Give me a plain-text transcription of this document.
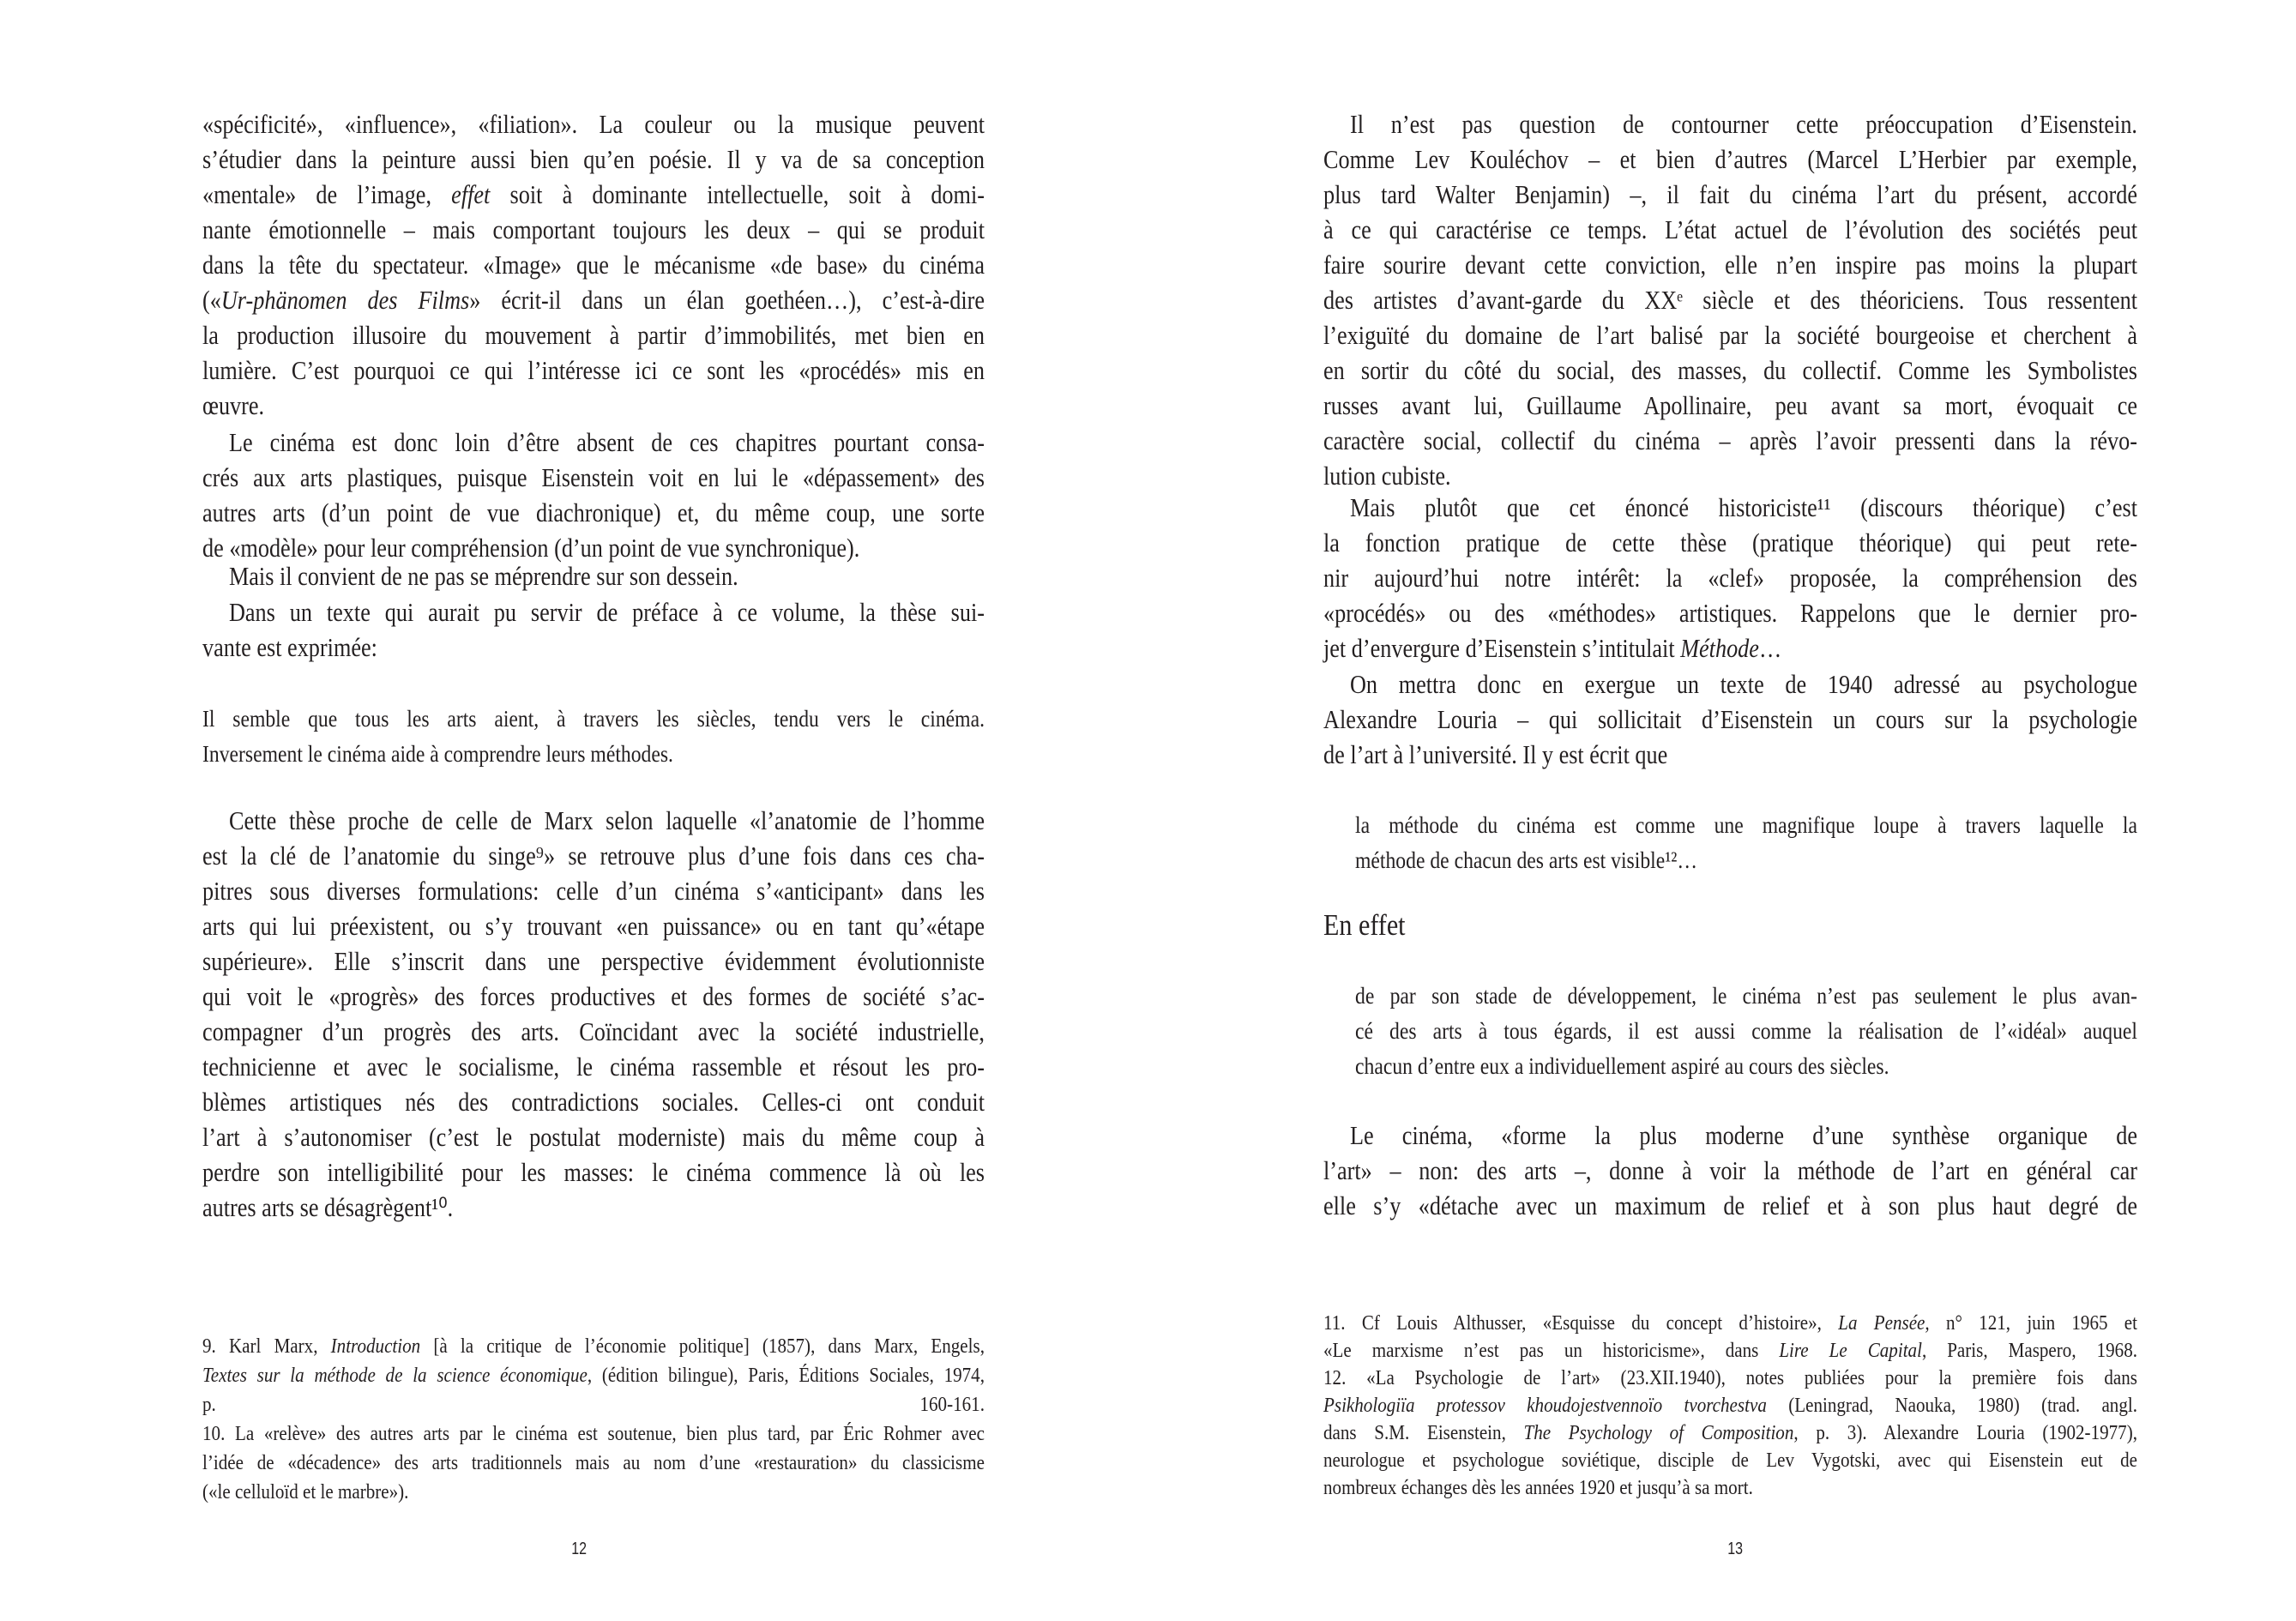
12
«spécificité», «influence», «filiation». La couleur ou la musique peuvent
s’étudier dans la peinture aussi bien qu’en poésie. Il y va de sa conception
«mentale» de l’image, effet soit à dominante intellectuelle, soit à domi-
nante émotionnelle – mais comportant toujours les deux – qui se produit
dans la tête du spectateur. «Image» que le mécanisme «de base» du cinéma
(«Ur-phänomen des Films» écrit-il dans un élan goethéen…), c’est-à-dire
la production illusoire du mouvement à partir d’immobilités, met bien en
lumière. C’est pourquoi ce qui l’intéresse ici ce sont les «procédés» mis en
œuvre.
Le cinéma est donc loin d’être absent de ces chapitres pourtant consa-
crés aux arts plastiques, puisque Eisenstein voit en lui le «dépassement» des
autres arts (d’un point de vue diachronique) et, du même coup, une sorte
de «modèle» pour leur compréhension (d’un point de vue synchronique).
Mais il convient de ne pas se méprendre sur son dessein.
Dans un texte qui aurait pu servir de préface à ce volume, la thèse sui-
vante est exprimée:
Il semble que tous les arts aient, à travers les siècles, tendu vers le cinéma.
Inversement le cinéma aide à comprendre leurs méthodes.
Cette thèse proche de celle de Marx selon laquelle «l’anatomie de l’homme
est la clé de l’anatomie du singe⁹» se retrouve plus d’une fois dans ces cha-
pitres sous diverses formulations: celle d’un cinéma s’«anticipant» dans les
arts qui lui préexistent, ou s’y trouvant «en puissance» ou en tant qu’«étape
supérieure». Elle s’inscrit dans une perspective évidemment évolutionniste
qui voit le «progrès» des forces productives et des formes de société s’ac-
compagner d’un progrès des arts. Coïncidant avec la société industrielle,
technicienne et avec le socialisme, le cinéma rassemble et résout les pro-
blèmes artistiques nés des contradictions sociales. Celles-ci ont conduit
l’art à s’autonomiser (c’est le postulat moderniste) mais du même coup à
perdre son intelligibilité pour les masses: le cinéma commence là où les
autres arts se désagrègent¹⁰.
9. Karl Marx, Introduction [à la critique de l’économie politique] (1857), dans Marx, Engels,
Textes sur la méthode de la science économique, (édition bilingue), Paris, Éditions Sociales, 1974,
p. 160-161.
10. La «relève» des autres arts par le cinéma est soutenue, bien plus tard, par Éric Rohmer avec
l’idée de «décadence» des arts traditionnels mais au nom d’une «restauration» du classicisme
(«le celluloïd et le marbre»).
13
Il n’est pas question de contourner cette préoccupation d’Eisenstein.
Comme Lev Kouléchov – et bien d’autres (Marcel L’Herbier par exemple,
plus tard Walter Benjamin) –, il fait du cinéma l’art du présent, accordé
à ce qui caractérise ce temps. L’état actuel de l’évolution des sociétés peut
faire sourire devant cette conviction, elle n’en inspire pas moins la plupart
des artistes d’avant-garde du XXᵉ siècle et des théoriciens. Tous ressentent
l’exiguïté du domaine de l’art balisé par la société bourgeoise et cherchent à
en sortir du côté du social, des masses, du collectif. Comme les Symbolistes
russes avant lui, Guillaume Apollinaire, peu avant sa mort, évoquait ce
caractère social, collectif du cinéma – après l’avoir pressenti dans la révo-
lution cubiste.
Mais plutôt que cet énoncé historiciste¹¹ (discours théorique) c’est
la fonction pratique de cette thèse (pratique théorique) qui peut rete-
nir aujourd’hui notre intérêt: la «clef» proposée, la compréhension des
«procédés» ou des «méthodes» artistiques. Rappelons que le dernier pro-
jet d’envergure d’Eisenstein s’intitulait Méthode…
On mettra donc en exergue un texte de 1940 adressé au psychologue
Alexandre Louria – qui sollicitait d’Eisenstein un cours sur la psychologie
de l’art à l’université. Il y est écrit que
la méthode du cinéma est comme une magnifique loupe à travers laquelle la
méthode de chacun des arts est visible¹²…
En effet
de par son stade de développement, le cinéma n’est pas seulement le plus avan-
cé des arts à tous égards, il est aussi comme la réalisation de l’«idéal» auquel
chacun d’entre eux a individuellement aspiré au cours des siècles.
Le cinéma, «forme la plus moderne d’une synthèse organique de
l’art» – non: des arts –, donne à voir la méthode de l’art en général car
elle s’y «détache avec un maximum de relief et à son plus haut degré de
11. Cf Louis Althusser, «Esquisse du concept d’histoire», La Pensée, n° 121, juin 1965 et
«Le marxisme n’est pas un historicisme», dans Lire Le Capital, Paris, Maspero, 1968.
12. «La Psychologie de l’art» (23.XII.1940), notes publiées pour la première fois dans
Psikhologiïa protessov khoudojestvennoïo tvorchestva (Leningrad, Naouka, 1980) (trad. angl.
dans S.M. Eisenstein, The Psychology of Composition, p. 3). Alexandre Louria (1902-1977),
neurologue et psychologue soviétique, disciple de Lev Vygotski, avec qui Eisenstein eut de
nombreux échanges dès les années 1920 et jusqu’à sa mort.
